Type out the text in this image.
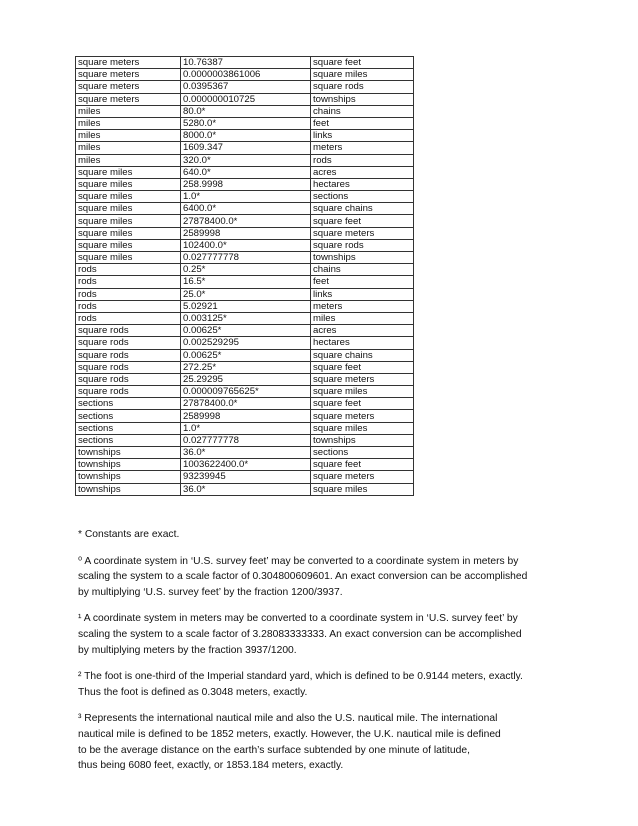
square meters	10.76387	square feet
square meters	0.0000003861006	square miles
square meters	0.0395367	square rods
square meters	0.000000010725	townships
miles	80.0*	chains
miles	5280.0*	feet
miles	8000.0*	links
miles	1609.347	meters
miles	320.0*	rods
square miles	640.0*	acres
square miles	258.9998	hectares
square miles	1.0*	sections
square miles	6400.0*	square chains
square miles	27878400.0*	square feet
square miles	2589998	square meters
square miles	102400.0*	square rods
square miles	0.027777778	townships
rods	0.25*	chains
rods	16.5*	feet
rods	25.0*	links
rods	5.02921	meters
rods	0.003125*	miles
square rods	0.00625*	acres
square rods	0.002529295	hectares
square rods	0.00625*	square chains
square rods	272.25*	square feet
square rods	25.29295	square meters
square rods	0.000009765625*	square miles
sections	27878400.0*	square feet
sections	2589998	square meters
sections	1.0*	square miles
sections	0.027777778	townships
townships	36.0*	sections
townships	1003622400.0*	square feet
townships	93239945	square meters
townships	36.0*	square miles

* Constants are exact.

⁰ A coordinate system in ‘U.S. survey feet’ may be converted to a coordinate system in meters by
scaling the system to a scale factor of 0.304800609601. An exact conversion can be accomplished
by multiplying ‘U.S. survey feet’ by the fraction 1200/3937.

¹ A coordinate system in meters may be converted to a coordinate system in ‘U.S. survey feet’ by
scaling the system to a scale factor of 3.28083333333. An exact conversion can be accomplished
by multiplying meters by the fraction 3937/1200.

² The foot is one-third of the Imperial standard yard, which is defined to be 0.9144 meters, exactly.
Thus the foot is defined as 0.3048 meters, exactly.

³ Represents the international nautical mile and also the U.S. nautical mile. The international
nautical mile is defined to be 1852 meters, exactly. However, the U.K. nautical mile is defined
to be the average distance on the earth’s surface subtended by one minute of latitude,
thus being 6080 feet, exactly, or 1853.184 meters, exactly.
